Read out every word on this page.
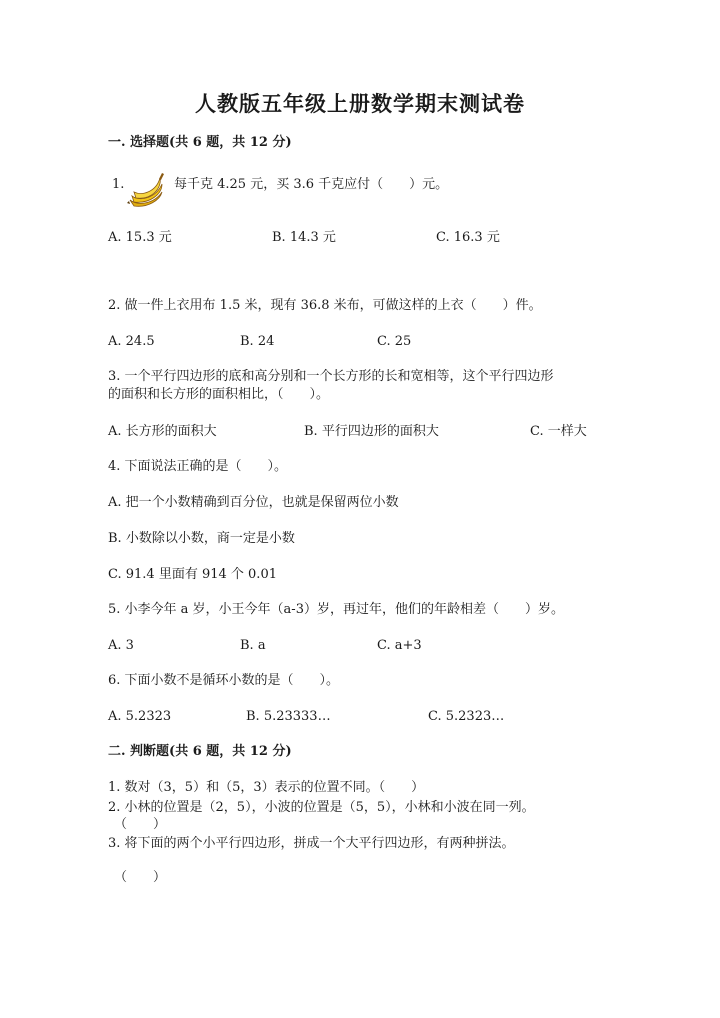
人教版五年级上册数学期末测试卷
一. 选择题(共 6 题，共 12 分)
1.	每千克 4.25 元，买 3.6 千克应付（　　）元。
A. 15.3 元	B. 14.3 元	C. 16.3 元
2. 做一件上衣用布 1.5 米，现有 36.8 米布，可做这样的上衣（　　）件。
A. 24.5	B. 24	C. 25
3. 一个平行四边形的底和高分别和一个长方形的长和宽相等，这个平行四边形
的面积和长方形的面积相比，（　　）。
A. 长方形的面积大	B. 平行四边形的面积大	C. 一样大
4. 下面说法正确的是（　　）。
A. 把一个小数精确到百分位，也就是保留两位小数
B. 小数除以小数，商一定是小数
C. 91.4 里面有 914 个 0.01
5. 小李今年 a 岁，小王今年（a-3）岁，再过年，他们的年龄相差（　　）岁。
A. 3	B. a	C. a+3
6. 下面小数不是循环小数的是（　　）。
A. 5.2323	B. 5.23333…	C. 5.2323…
二. 判断题(共 6 题，共 12 分)
1. 数对（3，5）和（5，3）表示的位置不同。（　　）
2. 小林的位置是（2，5），小波的位置是（5，5），小林和小波在同一列。
（　　）
3. 将下面的两个小平行四边形，拼成一个大平行四边形，有两种拼法。
（　　）
